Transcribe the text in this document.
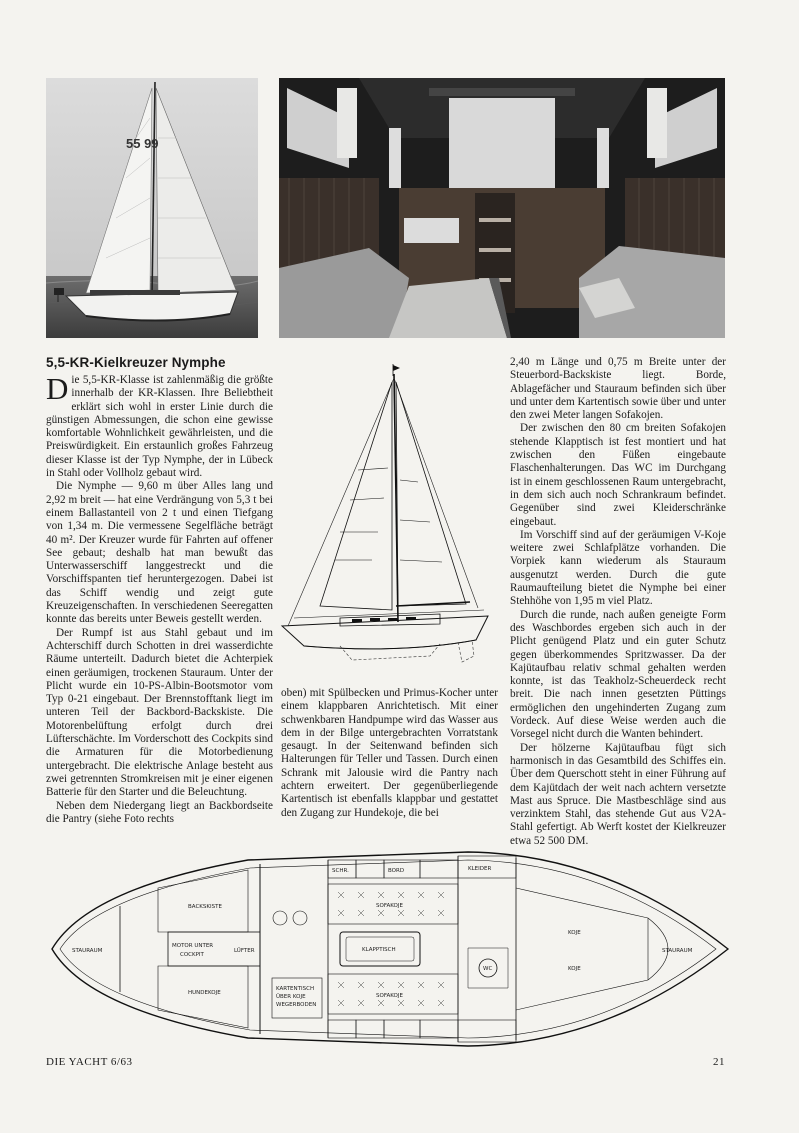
55 99
5,5-KR-Kielkreuzer Nymphe

Die 5,5-KR-Klasse ist zahlenmäßig die größte innerhalb der KR-Klassen. Ihre Beliebtheit erklärt sich wohl in erster Linie durch die günstigen Abmessungen, die schon eine gewisse komfortable Wohnlichkeit gewährleisten, und die Preiswürdigkeit. Ein erstaunlich großes Fahrzeug dieser Klasse ist der Typ Nymphe, der in Lübeck in Stahl oder Vollholz gebaut wird.

Die Nymphe — 9,60 m über Alles lang und 2,92 m breit — hat eine Verdrängung von 5,3 t bei einem Ballastanteil von 2 t und einen Tiefgang von 1,34 m. Die vermessene Segelfläche beträgt 40 m². Der Kreuzer wurde für Fahrten auf offener See gebaut; deshalb hat man bewußt das Unterwasserschiff langgestreckt und die Vorschiffspanten tief heruntergezogen. Dabei ist das Schiff wendig und zeigt gute Kreuzeigenschaften. In verschiedenen Seeregatten konnte das bereits unter Beweis gestellt werden.

Der Rumpf ist aus Stahl gebaut und im Achterschiff durch Schotten in drei wasserdichte Räume unterteilt. Dadurch bietet die Achterpiek einen geräumigen, trockenen Stauraum. Unter der Plicht wurde ein 10-PS-Albin-Bootsmotor vom Typ 0-21 eingebaut. Der Brennstofftank liegt im unteren Teil der Backbord-Backskiste. Die Motorenbelüftung erfolgt durch drei Lüfterschächte. Im Vorderschott des Cockpits sind die Armaturen für die Motorbedienung untergebracht. Die elektrische Anlage besteht aus zwei getrennten Stromkreisen mit je einer eigenen Batterie für den Starter und die Beleuchtung.

Neben dem Niedergang liegt an Backbordseite die Pantry (siehe Foto rechts

oben) mit Spülbecken und Primus-Kocher unter einem klappbaren Anrichtetisch. Mit einer schwenkbaren Handpumpe wird das Wasser aus dem in der Bilge untergebrachten Vorratstank gesaugt. In der Seitenwand befinden sich Halterungen für Teller und Tassen. Durch einen Schrank mit Jalousie wird die Pantry nach achtern erweitert. Der gegenüberliegende Kartentisch ist ebenfalls klappbar und gestattet den Zugang zur Hundekoje, die bei

2,40 m Länge und 0,75 m Breite unter der Steuerbord-Backskiste liegt. Borde, Ablagefächer und Stauraum befinden sich über und unter dem Kartentisch sowie über und unter den zwei Meter langen Sofakojen.

Der zwischen den 80 cm breiten Sofakojen stehende Klapptisch ist fest montiert und hat zwischen den Füßen eingebaute Flaschenhalterungen. Das WC im Durchgang ist in einem geschlossenen Raum untergebracht, in dem sich auch noch Schrankraum befindet. Gegenüber sind zwei Kleiderschränke eingebaut.

Im Vorschiff sind auf der geräumigen V-Koje weitere zwei Schlafplätze vorhanden. Die Vorpiek kann wiederum als Stauraum ausgenutzt werden. Durch die gute Raumaufteilung bietet die Nymphe bei einer Stehhöhe von 1,95 m viel Platz.

Durch die runde, nach außen geneigte Form des Waschbordes ergeben sich auch in der Plicht genügend Platz und ein guter Schutz gegen überkommendes Spritzwasser. Da der Kajütaufbau relativ schmal gehalten werden konnte, ist das Teakholz-Scheuerdeck recht breit. Die nach innen gesetzten Püttings ermöglichen den ungehinderten Zugang zum Vordeck. Auf diese Weise werden auch die Vorsegel nicht durch die Wanten behindert.

Der hölzerne Kajütaufbau fügt sich harmonisch in das Gesamtbild des Schiffes ein. Über dem Querschott steht in einer Führung auf dem Kajütdach der weit nach achtern versetzte Mast aus Spruce. Die Mastbeschläge sind aus verzinktem Stahl, das stehende Gut aus V2A-Stahl gefertigt. Ab Werft kostet der Kielkreuzer etwa 52 500 DM.

STAURAUM
BACKSKISTE
MOTOR UNTER
COCKPIT
LÜFTER
HUNDEKOJE
KARTENTISCH
ÜBER KOJE
WEGERBODEN
KLAPPTISCH
SOFAKOJE
SOFAKOJE
WC
KLEIDER
KOJE
KOJE
STAURAUM
SCHR.	BORD
DIE YACHT 6/63	21
